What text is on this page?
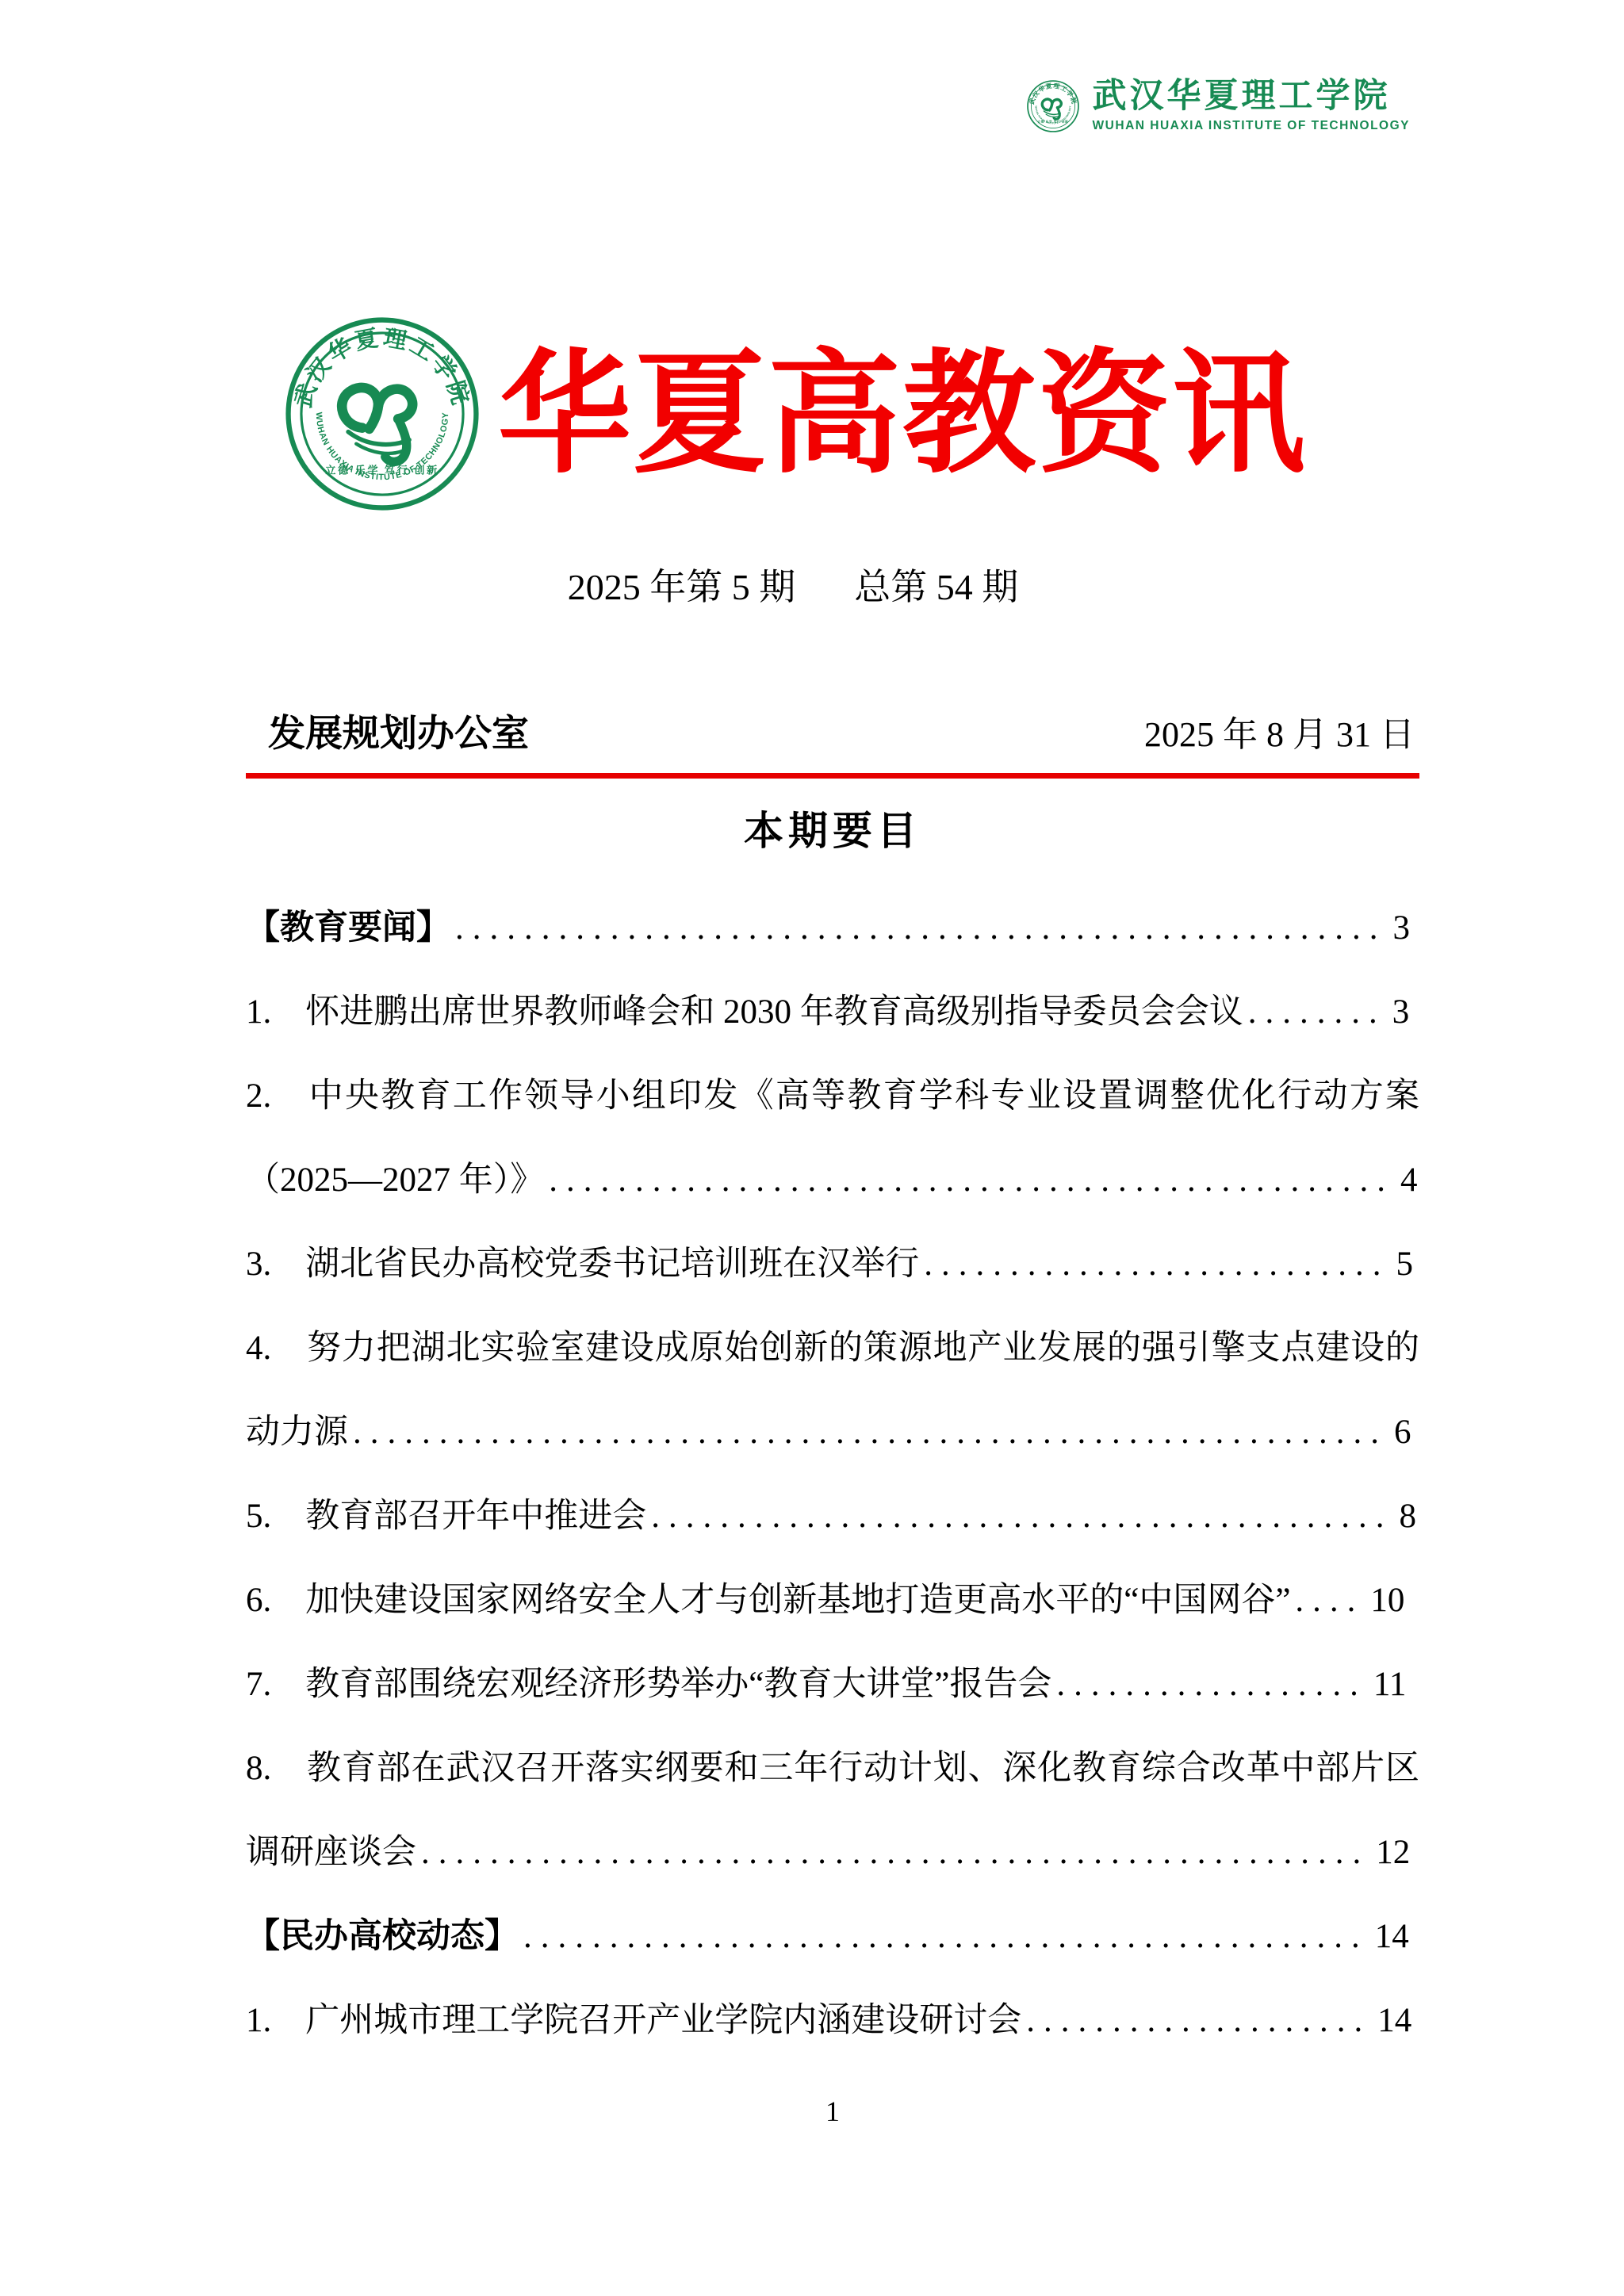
武汉华夏理工学院
WUHAN HUAXIA INSTITUTE OF TECHNOLOGY
华夏高教资讯
2025 年第 5 期 总第 54 期
发展规划办公室	2025 年 8 月 31 日
本期要目
【教育要闻】 ...................................................... 3
1.　怀进鹏出席世界教师峰会和 2030 年教育高级别指导委员会会议 ........ 3
2.　中央教育工作领导小组印发《高等教育学科专业设置调整优化行动方案（2025—2027 年）》 ................................................. 4
3.　湖北省民办高校党委书记培训班在汉举行 ........................... 5
4.　努力把湖北实验室建设成原始创新的策源地产业发展的强引擎支点建设的动力源 ............................................................ 6
5.　教育部召开年中推进会 ........................................... 8
6.　加快建设国家网络安全人才与创新基地打造更高水平的“中国网谷” .... 10
7.　教育部围绕宏观经济形势举办“教育大讲堂”报告会 .................. 11
8.　教育部在武汉召开落实纲要和三年行动计划、深化教育综合改革中部片区调研座谈会 ....................................................... 12
【民办高校动态】 ................................................. 14
1.　广州城市理工学院召开产业学院内涵建设研讨会 .................... 14
1
